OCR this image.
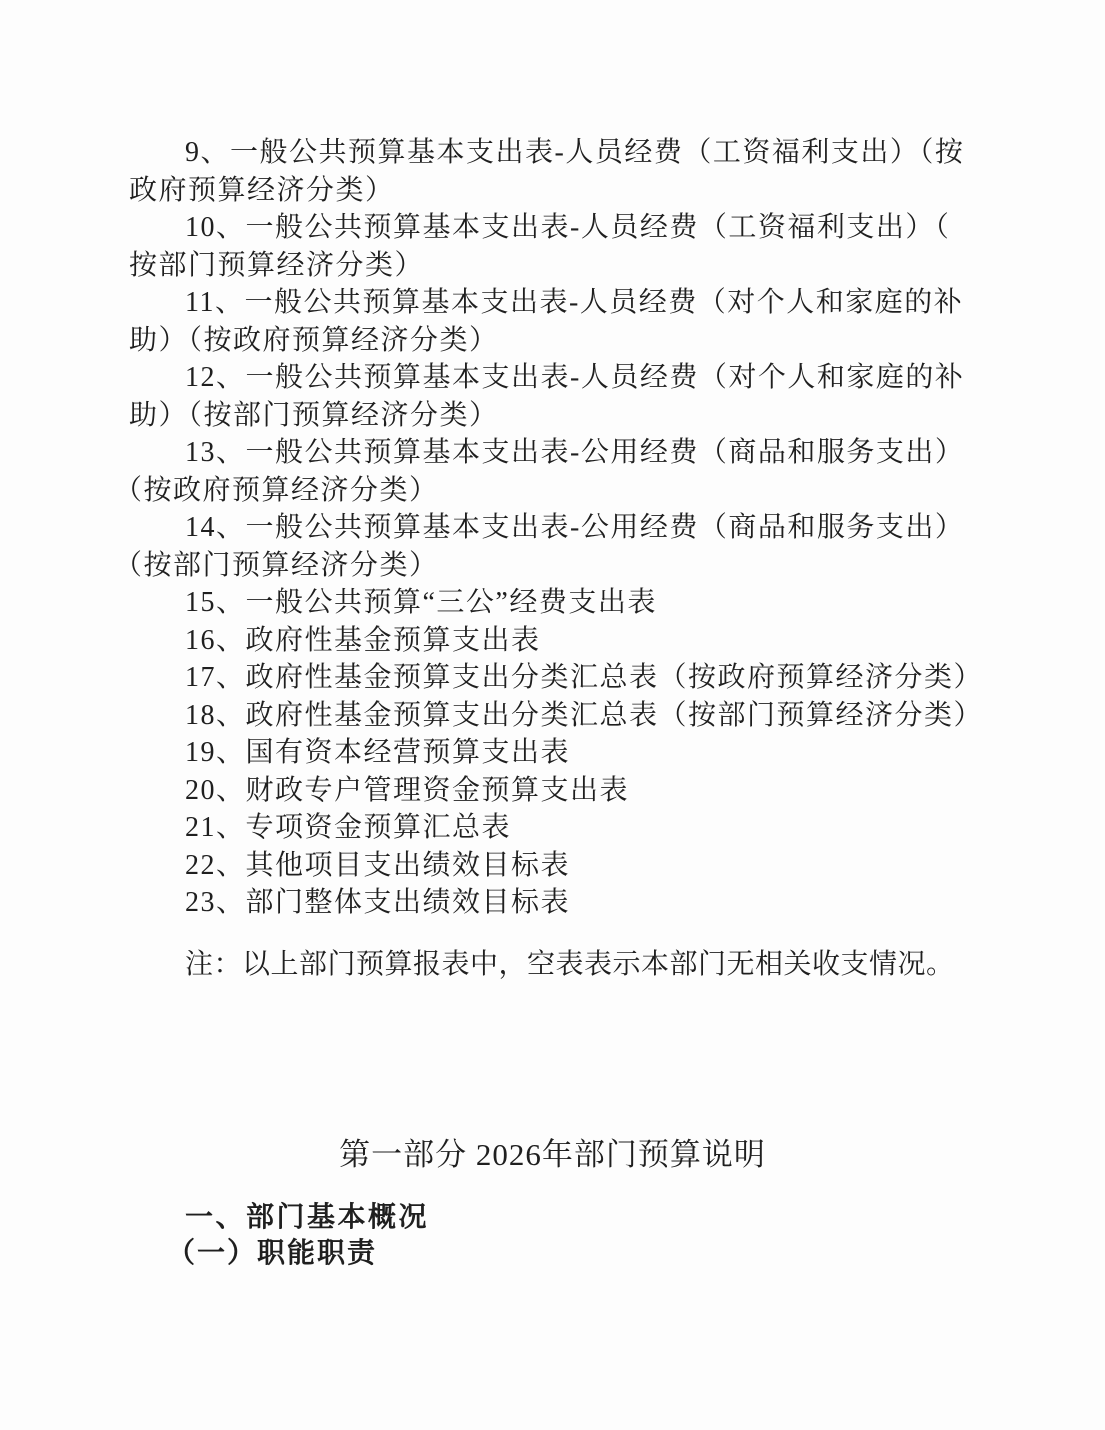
9、一般公共预算基本支出表-人员经费（工资福利支出）（按
政府预算经济分类）
10、一般公共预算基本支出表-人员经费（工资福利支出）（
按部门预算经济分类）
11、一般公共预算基本支出表-人员经费（对个人和家庭的补
助）（按政府预算经济分类）
12、一般公共预算基本支出表-人员经费（对个人和家庭的补
助）（按部门预算经济分类）
13、一般公共预算基本支出表-公用经费（商品和服务支出）
（按政府预算经济分类）
14、一般公共预算基本支出表-公用经费（商品和服务支出）
（按部门预算经济分类）
15、一般公共预算“三公”经费支出表
16、政府性基金预算支出表
17、政府性基金预算支出分类汇总表（按政府预算经济分类）
18、政府性基金预算支出分类汇总表（按部门预算经济分类）
19、国有资本经营预算支出表
20、财政专户管理资金预算支出表
21、专项资金预算汇总表
22、其他项目支出绩效目标表
23、部门整体支出绩效目标表
注：以上部门预算报表中，空表表示本部门无相关收支情况。
第一部分 2026年部门预算说明
一、部门基本概况
（一）职能职责
